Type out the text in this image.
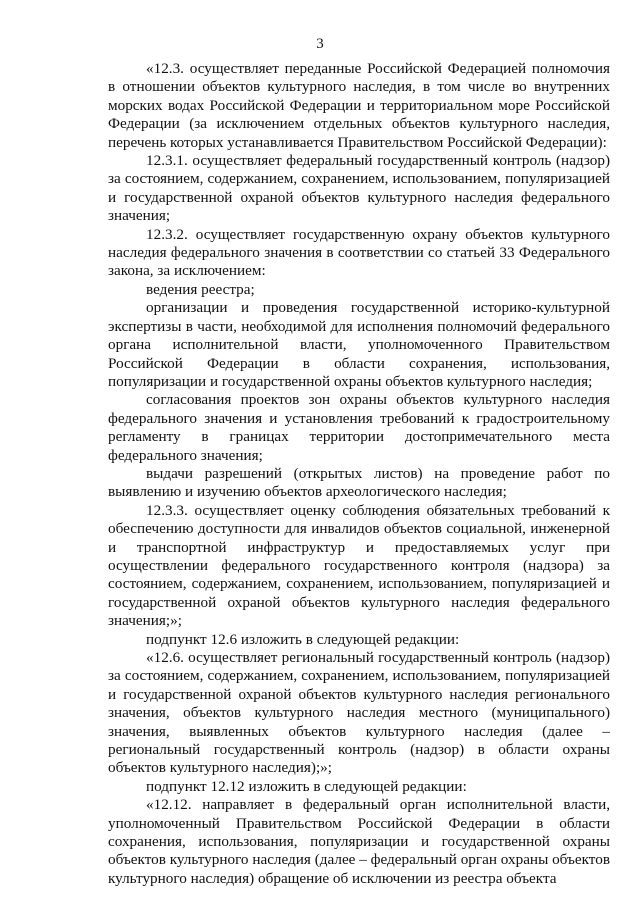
3

«12.3. осуществляет переданные Российской Федерацией полномочия в отношении объектов культурного наследия, в том числе во внутренних морских водах Российской Федерации и территориальном море Российской Федерации (за исключением отдельных объектов культурного наследия, перечень которых устанавливается Правительством Российской Федерации):

12.3.1. осуществляет федеральный государственный контроль (надзор) за состоянием, содержанием, сохранением, использованием, популяризацией и государственной охраной объектов культурного наследия федерального значения;

12.3.2. осуществляет государственную охрану объектов культурного наследия федерального значения в соответствии со статьей 33 Федерального закона, за исключением:

ведения реестра;

организации и проведения государственной историко-культурной экспертизы в части, необходимой для исполнения полномочий федерального органа исполнительной власти, уполномоченного Правительством Российской Федерации в области сохранения, использования, популяризации и государственной охраны объектов культурного наследия;

согласования проектов зон охраны объектов культурного наследия федерального значения и установления требований к градостроительному регламенту в границах территории достопримечательного места федерального значения;

выдачи разрешений (открытых листов) на проведение работ по выявлению и изучению объектов археологического наследия;

12.3.3. осуществляет оценку соблюдения обязательных требований к обеспечению доступности для инвалидов объектов социальной, инженерной и транспортной инфраструктур и предоставляемых услуг при осуществлении федерального государственного контроля (надзора) за состоянием, содержанием, сохранением, использованием, популяризацией и государственной охраной объектов культурного наследия федерального значения;»;

подпункт 12.6 изложить в следующей редакции:

«12.6. осуществляет региональный государственный контроль (надзор) за состоянием, содержанием, сохранением, использованием, популяризацией и государственной охраной объектов культурного наследия регионального значения, объектов культурного наследия местного (муниципального) значения, выявленных объектов культурного наследия (далее – региональный государственный контроль (надзор) в области охраны объектов культурного наследия);»;

подпункт 12.12 изложить в следующей редакции:

«12.12. направляет в федеральный орган исполнительной власти, уполномоченный Правительством Российской Федерации в области сохранения, использования, популяризации и государственной охраны объектов культурного наследия (далее – федеральный орган охраны объектов культурного наследия) обращение об исключении из реестра объекта
